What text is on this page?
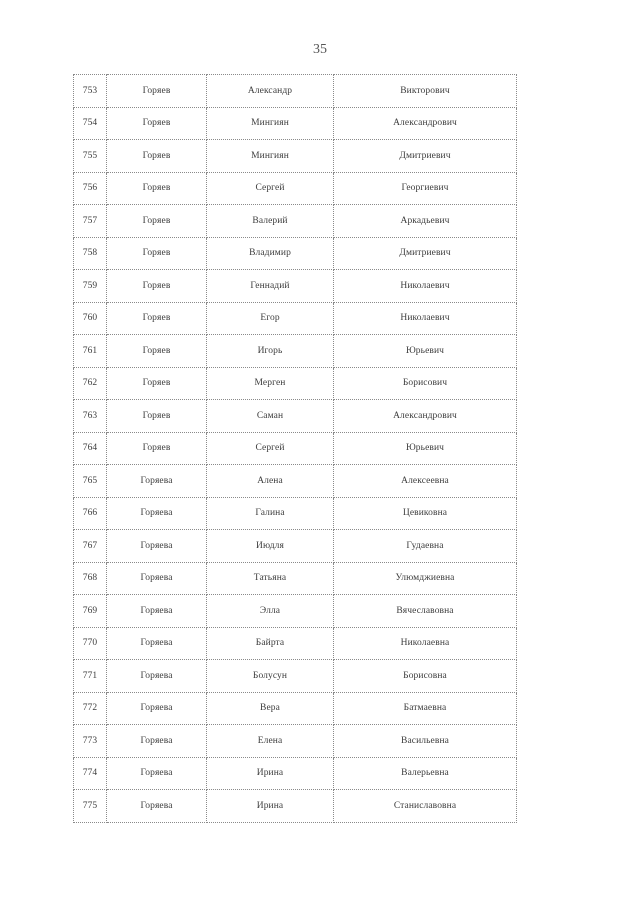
35
753	Горяев	Александр	Викторович
754	Горяев	Мингиян	Александрович
755	Горяев	Мингиян	Дмитриевич
756	Горяев	Сергей	Георгиевич
757	Горяев	Валерий	Аркадьевич
758	Горяев	Владимир	Дмитриевич
759	Горяев	Геннадий	Николаевич
760	Горяев	Егор	Николаевич
761	Горяев	Игорь	Юрьевич
762	Горяев	Мерген	Борисович
763	Горяев	Саман	Александрович
764	Горяев	Сергей	Юрьевич
765	Горяева	Алена	Алексеевна
766	Горяева	Галина	Цевиковна
767	Горяева	Июдля	Гудаевна
768	Горяева	Татьяна	Улюмджиевна
769	Горяева	Элла	Вячеславовна
770	Горяева	Байрта	Николаевна
771	Горяева	Болусун	Борисовна
772	Горяева	Вера	Батмаевна
773	Горяева	Елена	Васильевна
774	Горяева	Ирина	Валерьевна
775	Горяева	Ирина	Станиславовна
